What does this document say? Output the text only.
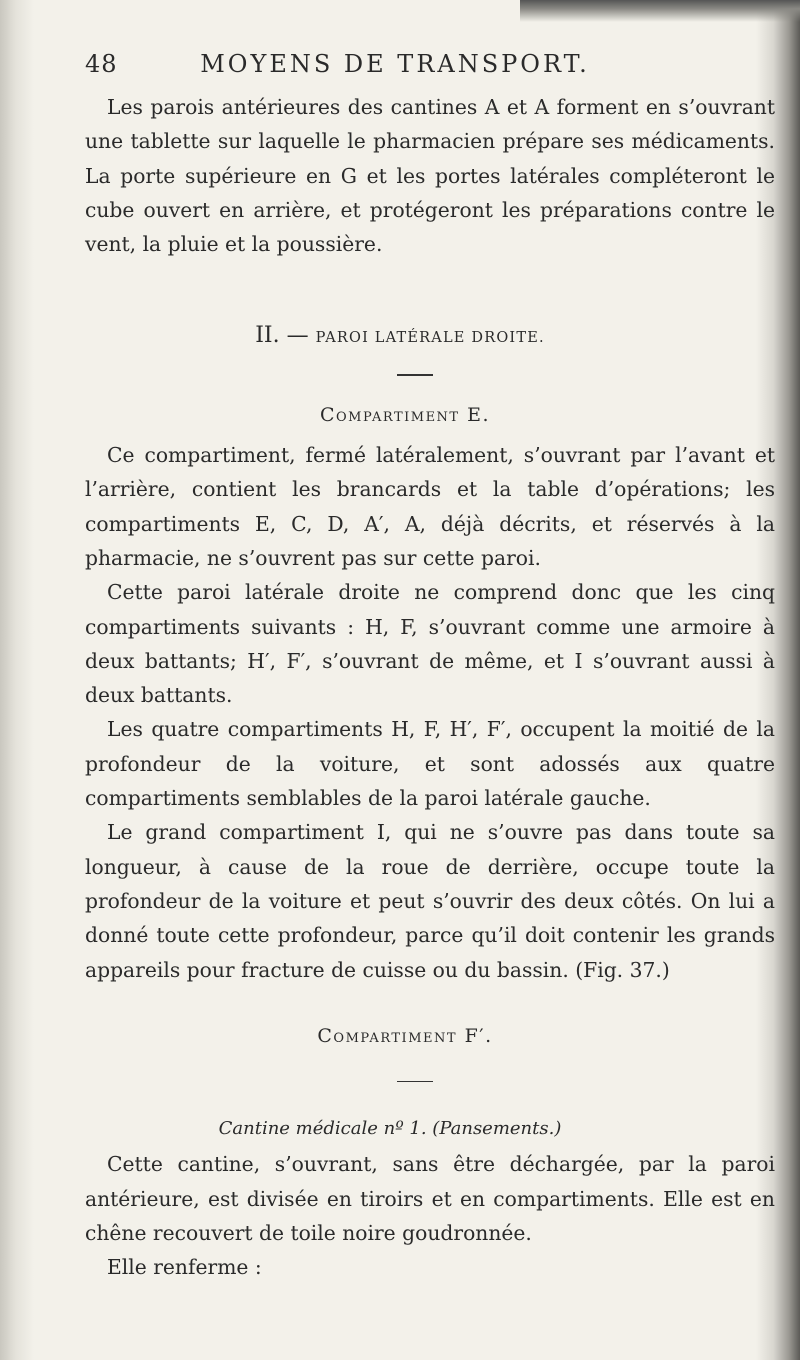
48	MOYENS DE TRANSPORT.

Les parois antérieures des cantines A et A forment en s’ouvrant une tablette sur laquelle le pharmacien prépare ses médicaments. La porte supérieure en G et les portes latérales compléteront le cube ouvert en arrière, et protégeront les préparations contre le vent, la pluie et la poussière.

II. — PAROI LATÉRALE DROITE.
Compartiment E.

Ce compartiment, fermé latéralement, s’ouvrant par l’avant et l’arrière, contient les brancards et la table d’opérations; les compartiments E, C, D, A′, A, déjà décrits, et réservés à la pharmacie, ne s’ouvrent pas sur cette paroi.

Cette paroi latérale droite ne comprend donc que les cinq compartiments suivants : H, F, s’ouvrant comme une armoire à deux battants; H′, F′, s’ouvrant de même, et I s’ouvrant aussi à deux battants.

Les quatre compartiments H, F, H′, F′, occupent la moitié de la profondeur de la voiture, et sont adossés aux quatre compartiments semblables de la paroi latérale gauche.

Le grand compartiment I, qui ne s’ouvre pas dans toute sa longueur, à cause de la roue de derrière, occupe toute la profondeur de la voiture et peut s’ouvrir des deux côtés. On lui a donné toute cette profondeur, parce qu’il doit contenir les grands appareils pour fracture de cuisse ou du bassin. (Fig. 37.)

Compartiment F′.
Cantine médicale nº 1. (Pansements.)

Cette cantine, s’ouvrant, sans être déchargée, par la paroi antérieure, est divisée en tiroirs et en compartiments. Elle est en chêne recouvert de toile noire goudronnée.

Elle renferme :
